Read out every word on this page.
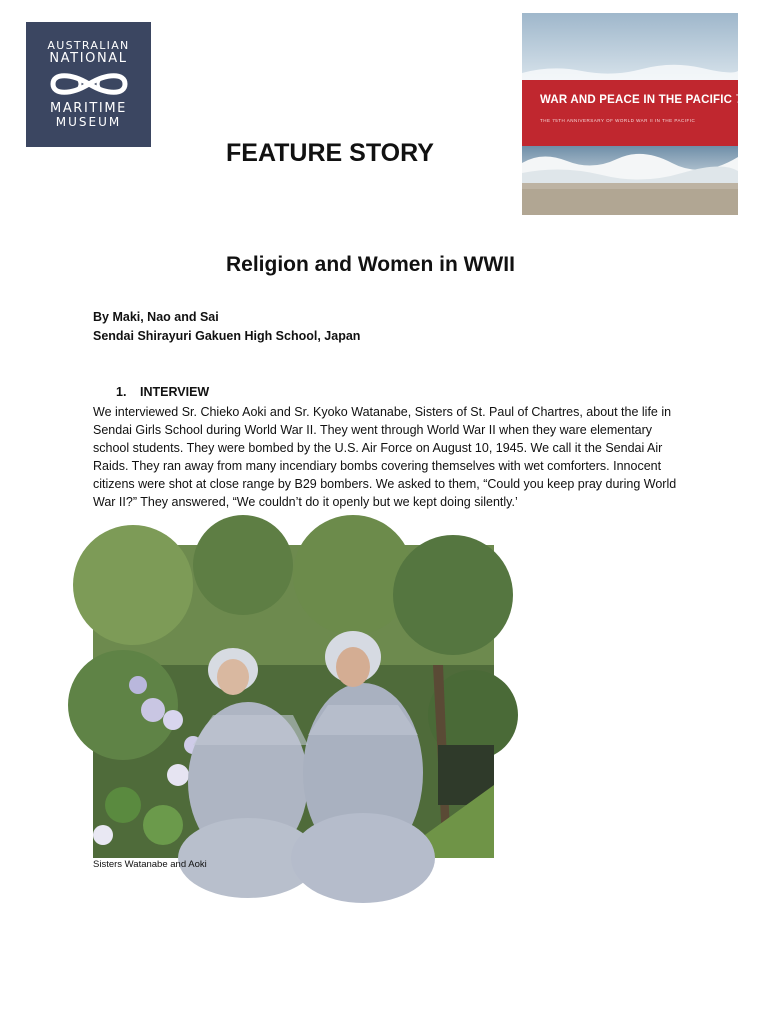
AUSTRALIAN
NATIONAL
MARITIME
MUSEUM
WAR AND PEACE IN THE PACIFIC 75
THE 75TH ANNIVERSARY OF WORLD WAR II IN THE PACIFIC
FEATURE STORY
Religion and Women in WWII
By Maki, Nao and Sai
Sendai Shirayuri Gakuen High School, Japan
1. INTERVIEW
We interviewed Sr. Chieko Aoki and Sr. Kyoko Watanabe, Sisters of St. Paul of Chartres, about the life in Sendai Girls School during World War II. They went through World War II when they ware elementary school students. They were bombed by the U.S. Air Force on August 10, 1945. We call it the Sendai Air Raids. They ran away from many incendiary bombs covering themselves with wet comforters. Innocent citizens were shot at close range by B29 bombers. We asked to them, “Could you keep pray during World War II?” They answered, “We couldn’t do it openly but we kept doing silently.’
Sisters Watanabe and Aoki
